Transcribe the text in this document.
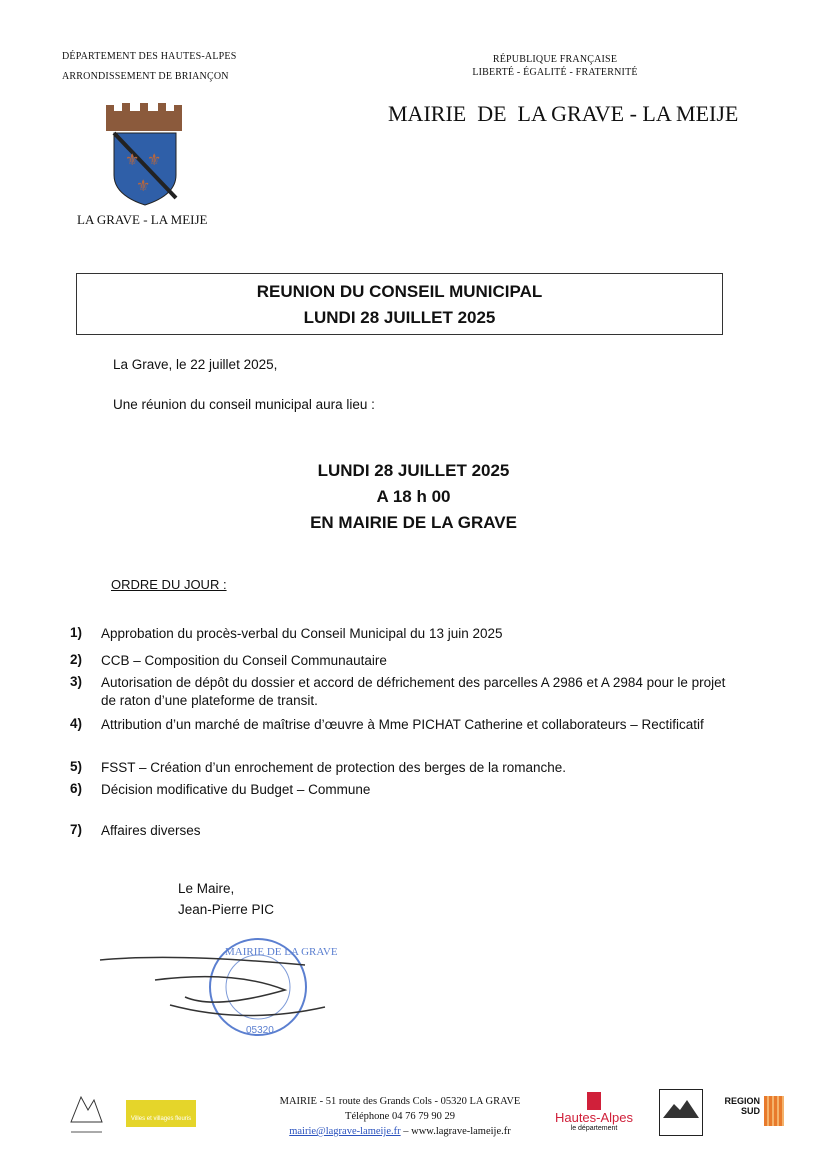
DÉPARTEMENT DES HAUTES-ALPES
ARRONDISSEMENT DE BRIANÇON
RÉPUBLIQUE FRANÇAISE
LIBERTÉ - ÉGALITÉ - FRATERNITÉ
MAIRIE  DE  LA GRAVE - LA MEIJE
⚜ ⚜
⚜
LA GRAVE - LA MEIJE
REUNION DU CONSEIL MUNICIPAL
LUNDI 28 JUILLET 2025
La Grave, le 22 juillet 2025,
Une réunion du conseil municipal aura lieu :
LUNDI 28 JUILLET 2025
A 18 h 00
EN MAIRIE DE LA GRAVE
ORDRE DU JOUR :
1) Approbation du procès-verbal du Conseil Municipal du 13 juin 2025
2) CCB – Composition du Conseil Communautaire
3) Autorisation de dépôt du dossier et accord de défrichement des parcelles A 2986 et A 2984 pour le projet de raton d’une plateforme de transit.
4) Attribution d’un marché de maîtrise d’œuvre à Mme PICHAT Catherine et collaborateurs – Rectificatif
5) FSST – Création d’un enrochement de protection des berges de la romanche.
6) Décision modificative du Budget – Commune
7) Affaires diverses
Le Maire,
Jean-Pierre PIC
MAIRIE DE LA GRAVE
05320
Villes et villages fleuris
MAIRIE - 51 route des Grands Cols - 05320 LA GRAVE
Téléphone 04 76 79 90 29
mairie@lagrave-lameije.fr – www.lagrave-lameije.fr
Hautes-Alpes
le département
REGION
SUD
